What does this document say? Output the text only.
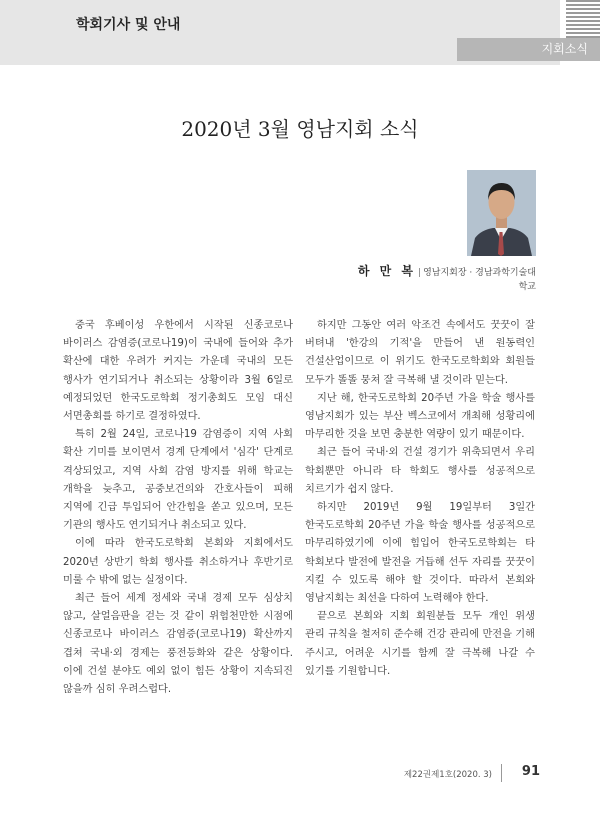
학회기사 및 안내
지회소식
2020년 3월 영남지회 소식
하 만 복 | 영남지회장 · 경남과학기술대학교

중국 후베이성 우한에서 시작된 신종코로나 바이러스 감염증(코로나19)이 국내에 들어와 추가 확산에 대한 우려가 커지는 가운데 국내의 모든 행사가 연기되거나 취소되는 상황이라 3월 6일로 예정되었던 한국도로학회 정기총회도 모임 대신 서면총회를 하기로 결정하였다.

특히 2월 24일, 코로나19 감염증이 지역 사회 확산 기미를 보이면서 경계 단계에서 '심각' 단계로 격상되었고, 지역 사회 감염 방지를 위해 학교는 개학을 늦추고, 공중보건의와 간호사들이 피해 지역에 긴급 투입되어 안간힘을 쏟고 있으며, 모든 기관의 행사도 연기되거나 취소되고 있다.

이에 따라 한국도로학회 본회와 지회에서도 2020년 상반기 학회 행사를 취소하거나 후반기로 미룰 수 밖에 없는 실정이다.

최근 들어 세계 정세와 국내 경제 모두 심상치 않고, 살얼음판을 걷는 것 같이 위험천만한 시점에 신종코로나 바이러스 감염증(코로나19) 확산까지 겹쳐 국내·외 경제는 풍전등화와 같은 상황이다. 이에 건설 분야도 예외 없이 힘든 상황이 지속되진 않을까 심히 우려스럽다.

하지만 그동안 여러 악조건 속에서도 꿋꿋이 잘 버텨내 '한강의 기적'을 만들어 낸 원동력인 건설산업이므로 이 위기도 한국도로학회와 회원들 모두가 똘똘 뭉쳐 잘 극복해 낼 것이라 믿는다.

지난 해, 한국도로학회 20주년 가을 학술 행사를 영남지회가 있는 부산 벡스코에서 개최해 성황리에 마무리한 것을 보면 충분한 역량이 있기 때문이다.

최근 들어 국내·외 건설 경기가 위축되면서 우리 학회뿐만 아니라 타 학회도 행사를 성공적으로 치르기가 쉽지 않다.

하지만 2019년 9월 19일부터 3일간 한국도로학회 20주년 가을 학술 행사를 성공적으로 마무리하였기에 이에 힘입어 한국도로학회는 타 학회보다 발전에 발전을 거듭해 선두 자리를 꿋꿋이 지킬 수 있도록 해야 할 것이다. 따라서 본회와 영남지회는 최선을 다하여 노력해야 한다.

끝으로 본회와 지회 회원분들 모두 개인 위생 관리 규칙을 철저히 준수해 건강 관리에 만전을 기해 주시고, 어려운 시기를 함께 잘 극복해 나갈 수 있기를 기원합니다.

제22권제1호(2020. 3) 91
